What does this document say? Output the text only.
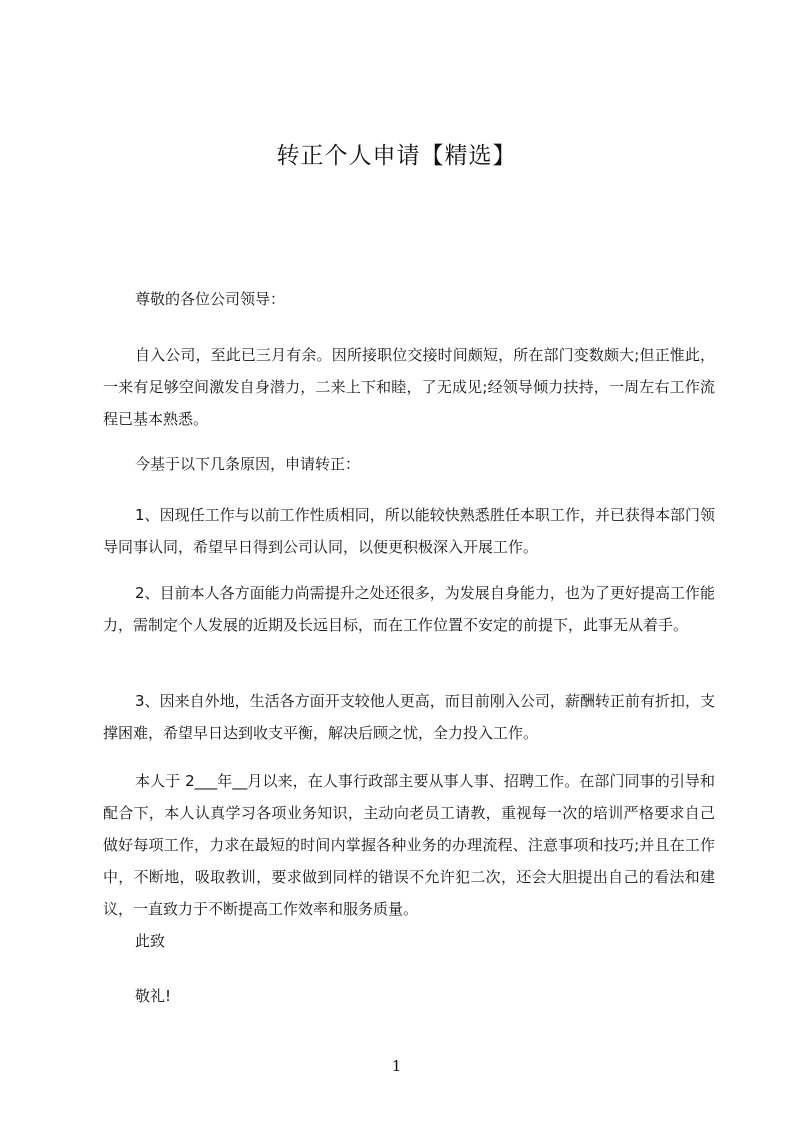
转正个人申请【精选】
尊敬的各位公司领导：
自入公司，至此已三月有余。因所接职位交接时间颇短，所在部门变数颇大;但正惟此，一来有足够空间激发自身潜力，二来上下和睦，了无成见;经领导倾力扶持，一周左右工作流程已基本熟悉。
今基于以下几条原因，申请转正：
1、因现任工作与以前工作性质相同，所以能较快熟悉胜任本职工作，并已获得本部门领导同事认同，希望早日得到公司认同，以便更积极深入开展工作。
2、目前本人各方面能力尚需提升之处还很多，为发展自身能力，也为了更好提高工作能力，需制定个人发展的近期及长远目标，而在工作位置不安定的前提下，此事无从着手。
3、因来自外地，生活各方面开支较他人更高，而目前刚入公司，薪酬转正前有折扣，支撑困难，希望早日达到收支平衡，解决后顾之忧，全力投入工作。
本人于 2___年__月以来，在人事行政部主要从事人事、招聘工作。在部门同事的引导和配合下，本人认真学习各项业务知识，主动向老员工请教，重视每一次的培训严格要求自己做好每项工作，力求在最短的时间内掌握各种业务的办理流程、注意事项和技巧;并且在工作中，不断地，吸取教训，要求做到同样的错误不允许犯二次，还会大胆提出自己的看法和建议，一直致力于不断提高工作效率和服务质量。
此致
敬礼!
1
